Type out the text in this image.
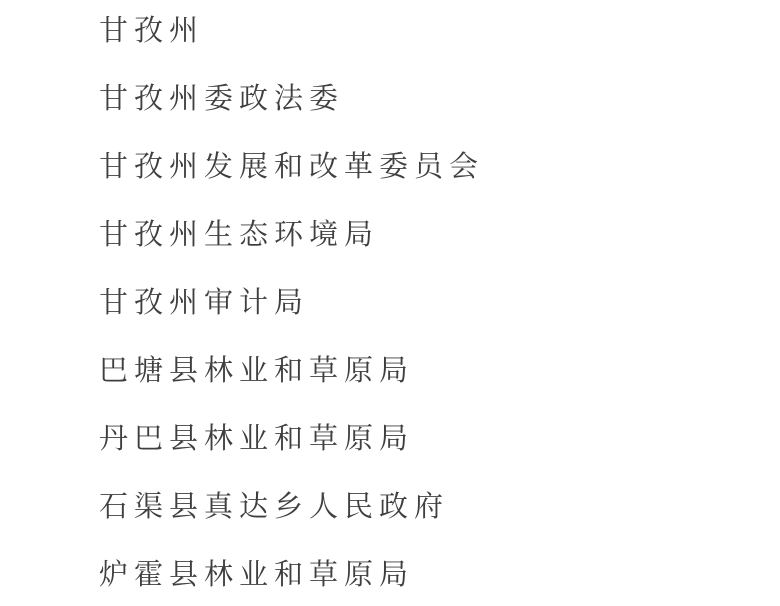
甘孜州
甘孜州委政法委
甘孜州发展和改革委员会
甘孜州生态环境局
甘孜州审计局
巴塘县林业和草原局
丹巴县林业和草原局
石渠县真达乡人民政府
炉霍县林业和草原局
